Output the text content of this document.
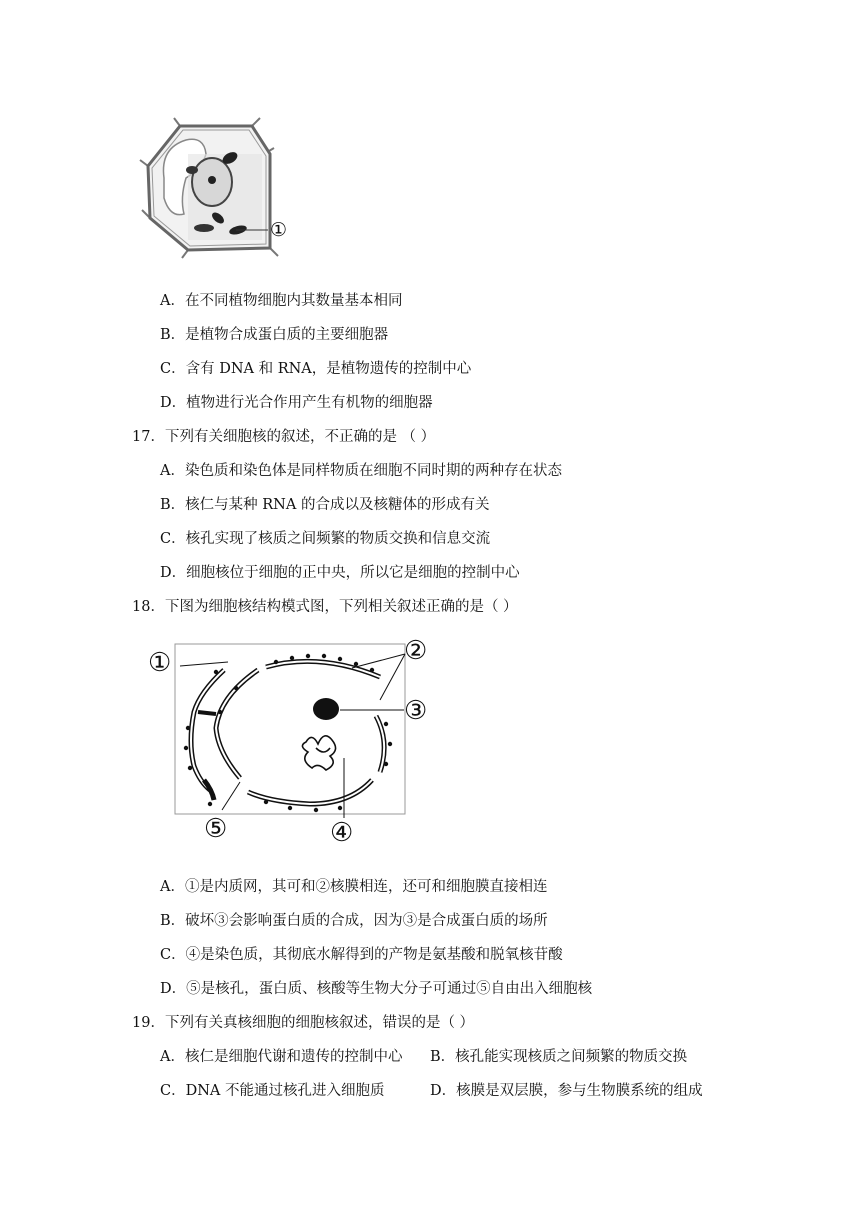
①
A．在不同植物细胞内其数量基本相同
B．是植物合成蛋白质的主要细胞器
C．含有 DNA 和 RNA，是植物遗传的控制中心
D．植物进行光合作用产生有机物的细胞器
17．下列有关细胞核的叙述，不正确的是 （ ）
A．染色质和染色体是同样物质在细胞不同时期的两种存在状态
B．核仁与某种 RNA 的合成以及核糖体的形成有关
C．核孔实现了核质之间频繁的物质交换和信息交流
D．细胞核位于细胞的正中央，所以它是细胞的控制中心
18．下图为细胞核结构模式图，下列相关叙述正确的是（ ）
①	②
③
④
⑤
A．①是内质网，其可和②核膜相连，还可和细胞膜直接相连
B．破坏③会影响蛋白质的合成，因为③是合成蛋白质的场所
C．④是染色质，其彻底水解得到的产物是氨基酸和脱氧核苷酸
D．⑤是核孔，蛋白质、核酸等生物大分子可通过⑤自由出入细胞核
19．下列有关真核细胞的细胞核叙述，错误的是（ ）
A．核仁是细胞代谢和遗传的控制中心 B．核孔能实现核质之间频繁的物质交换
C．DNA 不能通过核孔进入细胞质	D．核膜是双层膜，参与生物膜系统的组成
